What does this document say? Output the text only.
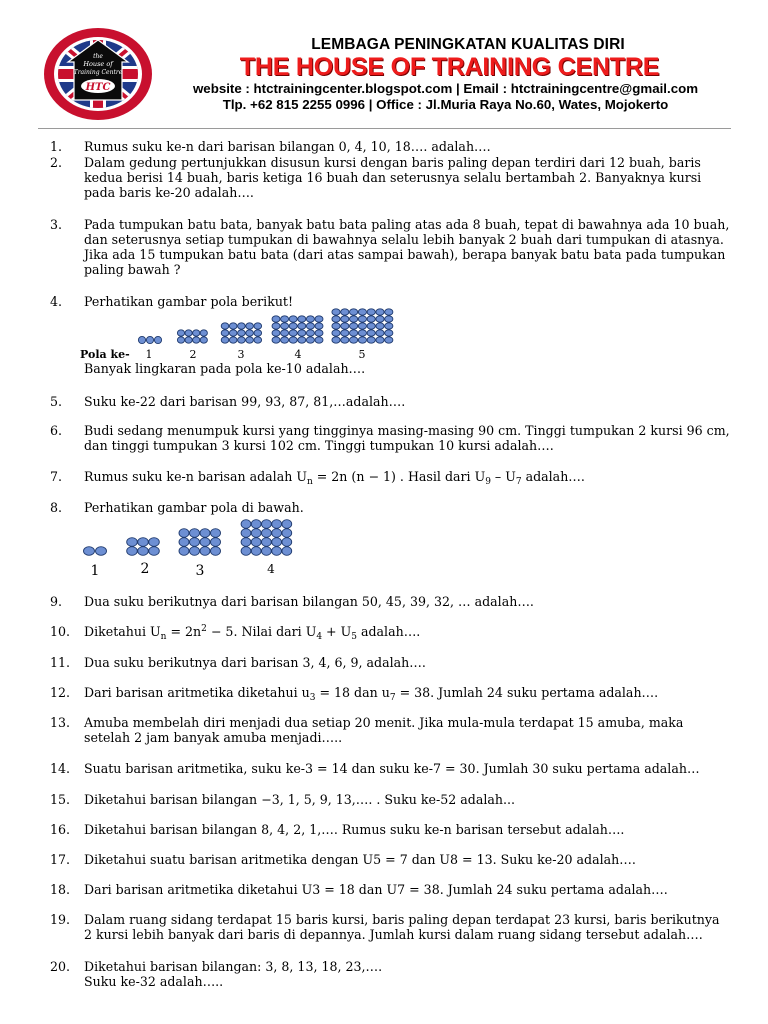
the
House of
Training Centre
HTC
LEMBAGA PENINGKATAN KUALITAS DIRI
THE HOUSE OF TRAINING CENTRE
website : htctrainingcenter.blogspot.com | Email : htctrainingcentre@gmail.com
Tlp. +62 815 2255 0996 | Office : Jl.Muria Raya No.60, Wates, Mojokerto
1.	Rumus suku ke-n dari barisan bilangan 0, 4, 10, 18…. adalah….
2.	Dalam gedung pertunjukkan disusun kursi dengan baris paling depan terdiri dari 12 buah, baris kedua berisi 14 buah, baris ketiga 16 buah dan seterusnya selalu bertambah 2. Banyaknya kursi pada baris ke-20 adalah….
3.	Pada tumpukan batu bata, banyak batu bata paling atas ada 8 buah, tepat di bawahnya ada 10 buah, dan seterusnya setiap tumpukan di bawahnya selalu lebih banyak 2 buah dari tumpukan di atasnya. Jika ada 15 tumpukan batu bata (dari atas sampai bawah), berapa banyak batu bata pada tumpukan paling bawah ?
4.	Perhatikan gambar pola berikut!
Pola ke- 1	2	3	4	5
Banyak lingkaran pada pola ke-10 adalah….
5.	Suku ke-22 dari barisan 99, 93, 87, 81,…adalah….
6.	Budi sedang menumpuk kursi yang tingginya masing-masing 90 cm. Tinggi tumpukan 2 kursi 96 cm, dan tinggi tumpukan 3 kursi 102 cm. Tinggi tumpukan 10 kursi adalah….
7.	Rumus suku ke-n barisan adalah $U_n = 2n$ (n − 1) . Hasil dari $U_9 - U_7$ adalah….
8.	Perhatikan gambar pola di bawah.
1	2	3	4
9.	Dua suku berikutnya dari barisan bilangan 50, 45, 39, 32, … adalah….
10.	Diketahui $U_n = 2n^2 - 5$. Nilai dari $U_4 + U_5$ adalah….
11.	Dua suku berikutnya dari barisan 3, 4, 6, 9, adalah….
12.	Dari barisan aritmetika diketahui $u_3 = 18$ dan $u_7 = 38$. Jumlah 24 suku pertama adalah….
13.	Amuba membelah diri menjadi dua setiap 20 menit. Jika mula-mula terdapat 15 amuba, maka setelah 2 jam banyak amuba menjadi…..
14.	Suatu barisan aritmetika, suku ke-3 = 14 dan suku ke-7 = 30. Jumlah 30 suku pertama adalah…
15.	Diketahui barisan bilangan −3, 1, 5, 9, 13,…. . Suku ke-52 adalah...
16.	Diketahui barisan bilangan 8, 4, 2, 1,…. Rumus suku ke-n barisan tersebut adalah….
17.	Diketahui suatu barisan aritmetika dengan U5 = 7 dan U8 = 13. Suku ke-20 adalah….
18.	Dari barisan aritmetika diketahui U3 = 18 dan U7 = 38. Jumlah 24 suku pertama adalah….
19.	Dalam ruang sidang terdapat 15 baris kursi, baris paling depan terdapat 23 kursi, baris berikutnya 2 kursi lebih banyak dari baris di depannya. Jumlah kursi dalam ruang sidang tersebut adalah….
20.	Diketahui barisan bilangan: 3, 8, 13, 18, 23,….
Suku ke-32 adalah…..
